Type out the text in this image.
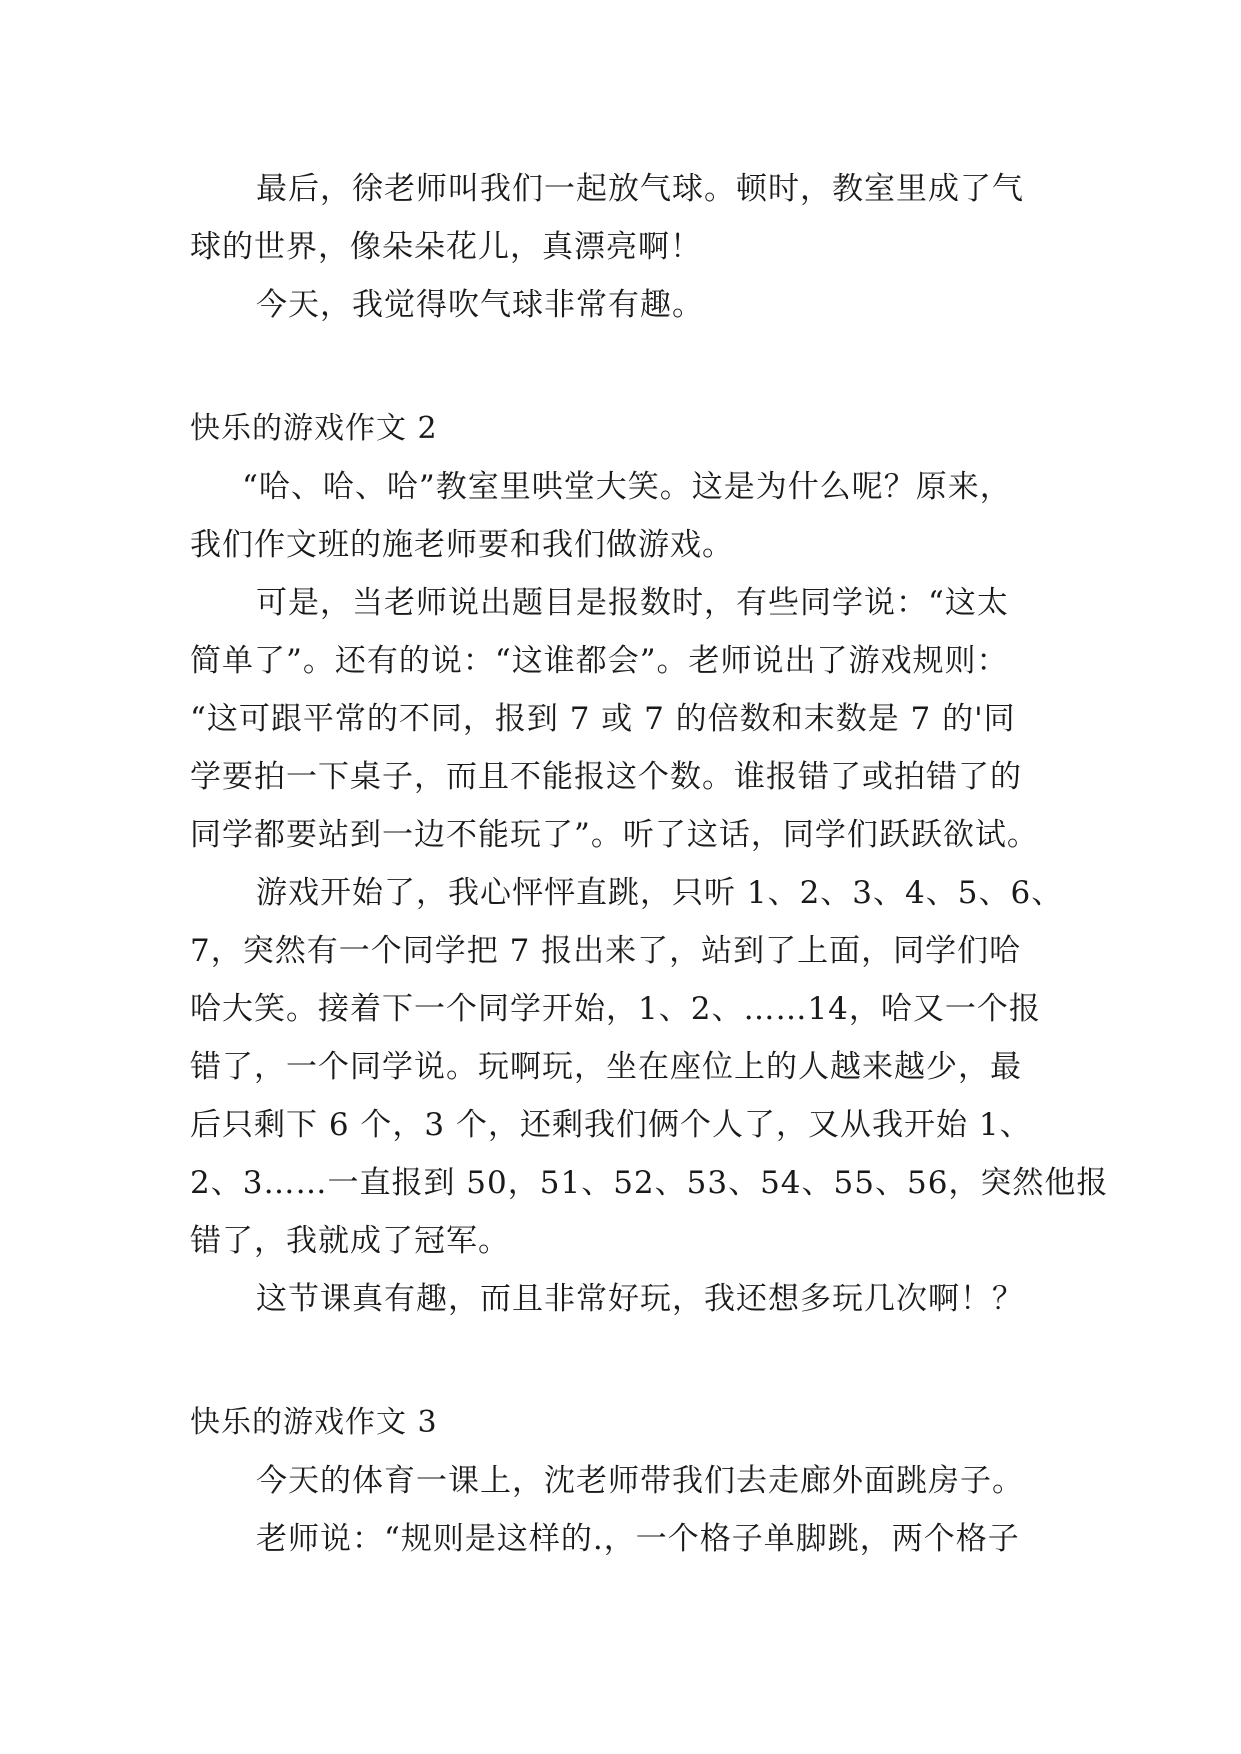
最后，徐老师叫我们一起放气球。顿时，教室里成了气
球的世界，像朵朵花儿，真漂亮啊！
今天，我觉得吹气球非常有趣。
快乐的游戏作文 2
“哈、哈、哈”教室里哄堂大笑。这是为什么呢？原来，
我们作文班的施老师要和我们做游戏。
可是，当老师说出题目是报数时，有些同学说：“这太
简单了”。还有的说：“这谁都会”。老师说出了游戏规则：
“这可跟平常的不同，报到 7 或 7 的倍数和末数是 7 的'同
学要拍一下桌子，而且不能报这个数。谁报错了或拍错了的
同学都要站到一边不能玩了”。听了这话，同学们跃跃欲试。
游戏开始了，我心怦怦直跳，只听 1、2、3、4、5、6、
7，突然有一个同学把 7 报出来了，站到了上面，同学们哈
哈大笑。接着下一个同学开始，1、2、……14，哈又一个报
错了，一个同学说。玩啊玩，坐在座位上的人越来越少，最
后只剩下 6 个，3 个，还剩我们俩个人了，又从我开始 1、
2、3……一直报到 50，51、52、53、54、55、56，突然他报
错了，我就成了冠军。
这节课真有趣，而且非常好玩，我还想多玩几次啊！？
快乐的游戏作文 3
今天的体育一课上，沈老师带我们去走廊外面跳房子。
老师说：“规则是这样的.，一个格子单脚跳，两个格子
